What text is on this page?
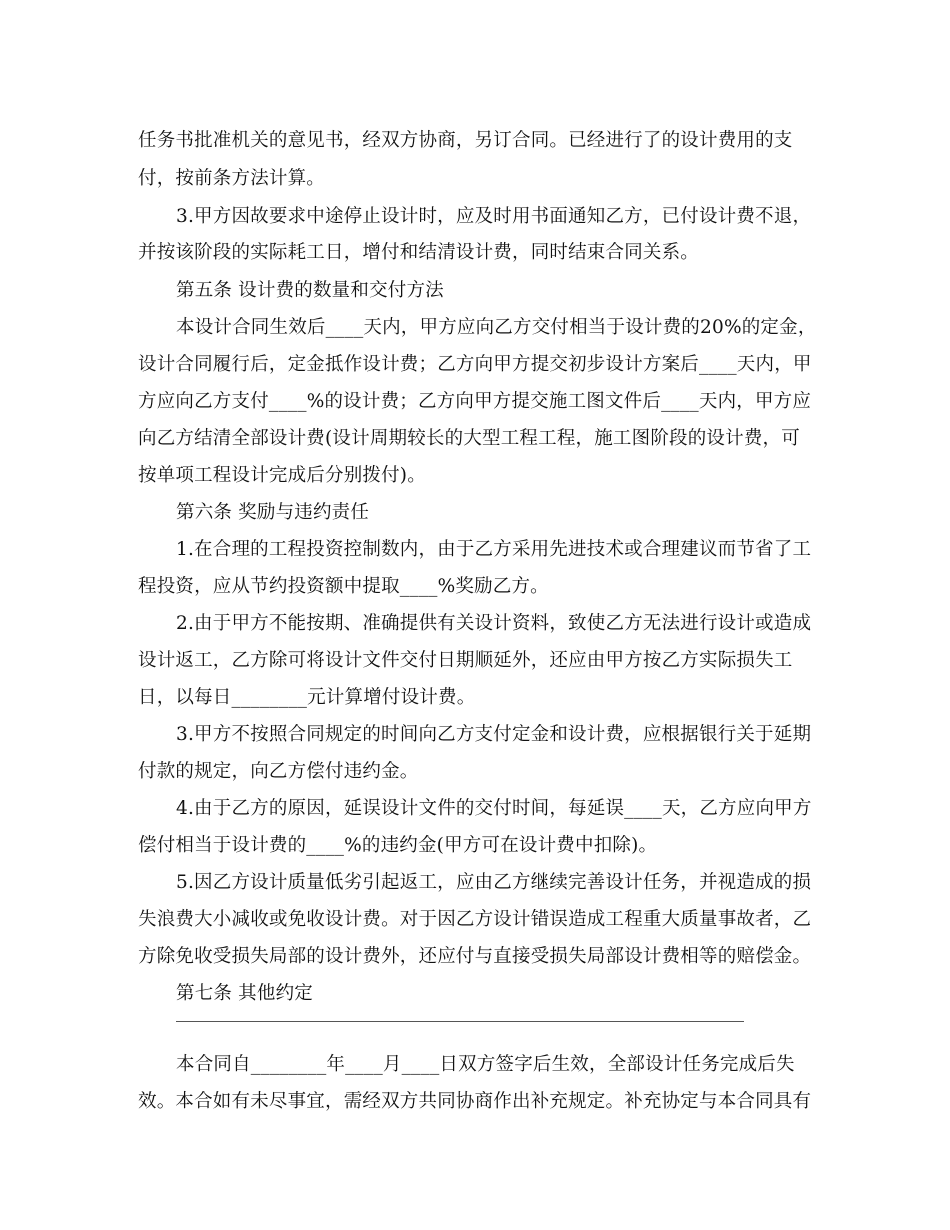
任务书批准机关的意见书，经双方协商，另订合同。已经进行了的设计费用的支
付，按前条方法计算。
3.甲方因故要求中途停止设计时，应及时用书面通知乙方，已付设计费不退，
并按该阶段的实际耗工日，增付和结清设计费，同时结束合同关系。
第五条 设计费的数量和交付方法
本设计合同生效后____天内，甲方应向乙方交付相当于设计费的20%的定金，
设计合同履行后，定金抵作设计费；乙方向甲方提交初步设计方案后____天内，甲
方应向乙方支付____%的设计费；乙方向甲方提交施工图文件后____天内，甲方应
向乙方结清全部设计费(设计周期较长的大型工程工程，施工图阶段的设计费，可
按单项工程设计完成后分别拨付)。
第六条 奖励与违约责任
1.在合理的工程投资控制数内，由于乙方采用先进技术或合理建议而节省了工
程投资，应从节约投资额中提取____%奖励乙方。
2.由于甲方不能按期、准确提供有关设计资料，致使乙方无法进行设计或造成
设计返工，乙方除可将设计文件交付日期顺延外，还应由甲方按乙方实际损失工
日，以每日________元计算增付设计费。
3.甲方不按照合同规定的时间向乙方支付定金和设计费，应根据银行关于延期
付款的规定，向乙方偿付违约金。
4.由于乙方的原因，延误设计文件的交付时间，每延误____天，乙方应向甲方
偿付相当于设计费的____%的违约金(甲方可在设计费中扣除)。
5.因乙方设计质量低劣引起返工，应由乙方继续完善设计任务，并视造成的损
失浪费大小减收或免收设计费。对于因乙方设计错误造成工程重大质量事故者，乙
方除免收受损失局部的设计费外，还应付与直接受损失局部设计费相等的赔偿金。
第七条 其他约定
本合同自________年____月____日双方签字后生效，全部设计任务完成后失
效。本合如有未尽事宜，需经双方共同协商作出补充规定。补充协定与本合同具有
